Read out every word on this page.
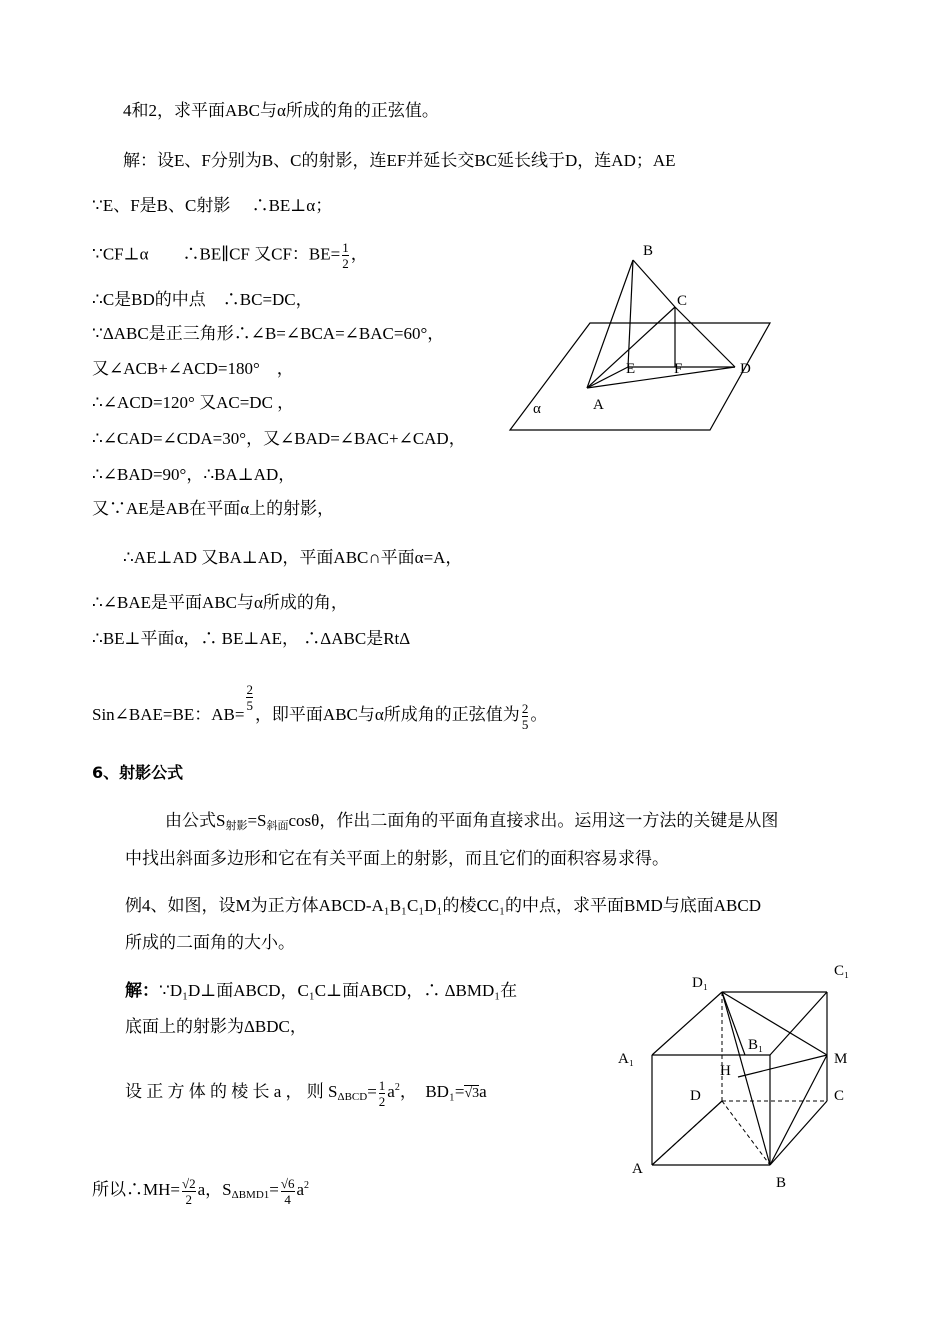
4和2，求平面ABC与α所成的角的正弦值。
解：设E、F分别为B、C的射影，连EF并延长交BC延长线于D，连AD；AE
∵E、F是B、C射影　 ∴BE⊥α；
∵CF⊥α　　∴BE∥CF 又CF：$BE= \frac{1}{2}$ ，
∴C是BD的中点　∴BC=DC，
∵ΔABC是正三角形∴∠B=∠BCA=∠BAC=60°，
又∠ACB+∠ACD=180°　，
∴∠ACD=120° 又AC=DC ，
∴∠CAD=∠CDA=30°，又∠BAD=∠BAC+∠CAD，
∴∠BAD=90°，∴BA⊥AD，
又∵AE是AB在平面α上的射影，
∴AE⊥AD 又BA⊥AD，平面ABC∩平面α=A，
∴∠BAE是平面ABC与α所成的角，
∴BE⊥平面α，∴ BE⊥AE， ∴ΔABC是RtΔ
Sin∠BAE=BE：AB=
$\frac{2}{5}$
，即平面ABC与α所成角的正弦值为 $\frac{2}{5}$ 。
6、射影公式
由公式$S_{射影}=S_{斜面}\cos\theta$，作出二面角的平面角直接求出。运用这一方法的关键是从图
中找出斜面多边形和它在有关平面上的射影，而且它们的面积容易求得。
例4、如图，设M为正方体ABCD-A₁B₁C₁D₁的棱CC₁的中点，求平面BMD与底面ABCD
所成的二面角的大小。
解：∵D₁D⊥面ABCD，C₁C⊥面ABCD，∴ ΔBMD₁在
底面上的射影为ΔBDC，
设 正 方 体 的 棱 长 a ， 则 $S_{\Delta BCD}= \frac{1}{2} a^2$，　BD₁=√3a
所以∴MH= $\frac{√2}{2}$ a，$S_{\Delta BMD1}= \frac{√6}{4} a^2$
B
C
E	F	D
A
α
D₁
C₁
B₁
A₁	M
H
D	C
A
B
